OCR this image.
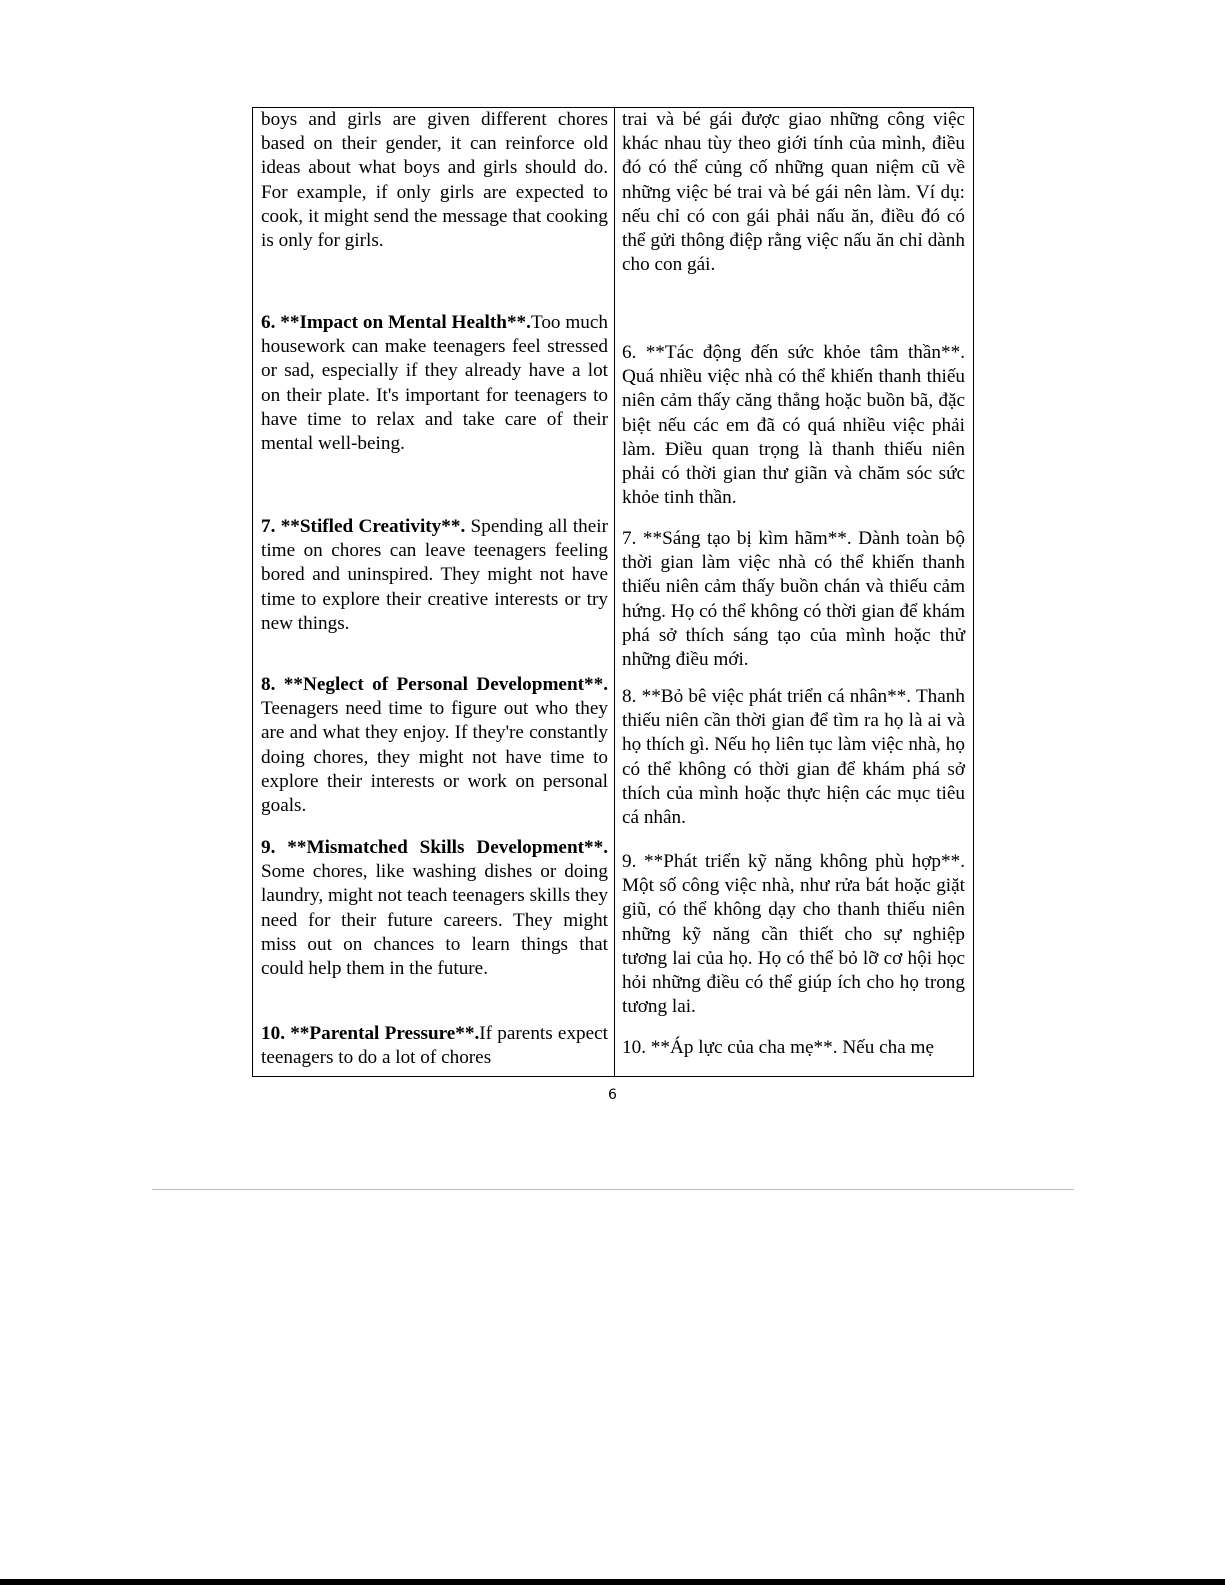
boys and girls are given different chores based on their gender, it can reinforce old ideas about what boys and girls should do. For example, if only girls are expected to cook, it might send the message that cooking is only for girls.

6. **Impact on Mental Health**.Too much housework can make teenagers feel stressed or sad, especially if they already have a lot on their plate. It's important for teenagers to have time to relax and take care of their mental well-being.

7. **Stifled Creativity**. Spending all their time on chores can leave teenagers feeling bored and uninspired. They might not have time to explore their creative interests or try new things.

8. **Neglect of Personal Development**. Teenagers need time to figure out who they are and what they enjoy. If they're constantly doing chores, they might not have time to explore their interests or work on personal goals.

9. **Mismatched Skills Development**. Some chores, like washing dishes or doing laundry, might not teach teenagers skills they need for their future careers. They might miss out on chances to learn things that could help them in the future.

10. **Parental Pressure**.If parents expect teenagers to do a lot of chores

trai và bé gái được giao những công việc khác nhau tùy theo giới tính của mình, điều đó có thể củng cố những quan niệm cũ về những việc bé trai và bé gái nên làm. Ví dụ: nếu chỉ có con gái phải nấu ăn, điều đó có thể gửi thông điệp rằng việc nấu ăn chỉ dành cho con gái.

6. **Tác động đến sức khỏe tâm thần**. Quá nhiều việc nhà có thể khiến thanh thiếu niên cảm thấy căng thẳng hoặc buồn bã, đặc biệt nếu các em đã có quá nhiều việc phải làm. Điều quan trọng là thanh thiếu niên phải có thời gian thư giãn và chăm sóc sức khỏe tinh thần.

7. **Sáng tạo bị kìm hãm**. Dành toàn bộ thời gian làm việc nhà có thể khiến thanh thiếu niên cảm thấy buồn chán và thiếu cảm hứng. Họ có thể không có thời gian để khám phá sở thích sáng tạo của mình hoặc thử những điều mới.

8. **Bỏ bê việc phát triển cá nhân**. Thanh thiếu niên cần thời gian để tìm ra họ là ai và họ thích gì. Nếu họ liên tục làm việc nhà, họ có thể không có thời gian để khám phá sở thích của mình hoặc thực hiện các mục tiêu cá nhân.

9. **Phát triển kỹ năng không phù hợp**. Một số công việc nhà, như rửa bát hoặc giặt giũ, có thể không dạy cho thanh thiếu niên những kỹ năng cần thiết cho sự nghiệp tương lai của họ. Họ có thể bỏ lỡ cơ hội học hỏi những điều có thể giúp ích cho họ trong tương lai.

10. **Áp lực của cha mẹ**. Nếu cha mẹ

6
